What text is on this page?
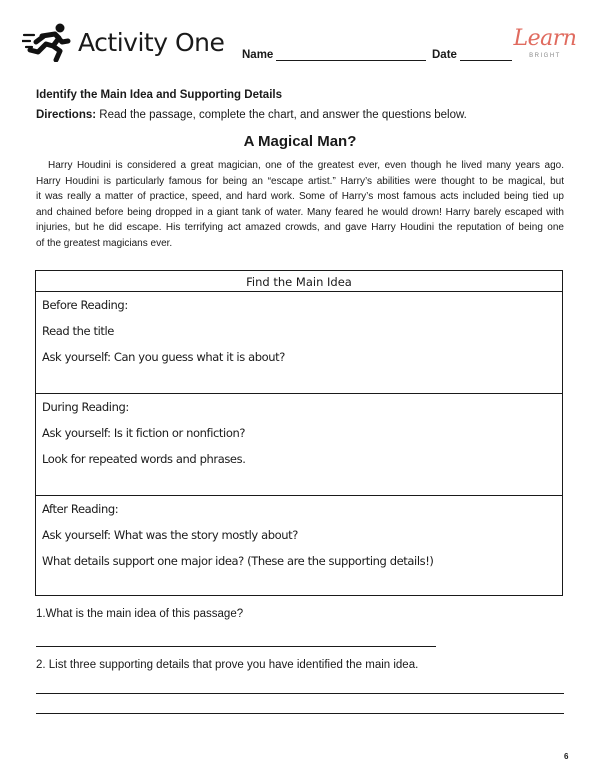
Activity One Name	Date
Learn
BRIGHT
Identify the Main Idea and Supporting Details
Directions: Read the passage, complete the chart, and answer the questions below.
A Magical Man?
Harry Houdini is considered a great magician, one of the greatest ever, even though he lived many years ago.
Harry Houdini is particularly famous for being an “escape artist.” Harry’s abilities were thought to be magical, but
it was really a matter of practice, speed, and hard work. Some of Harry’s most famous acts included being tied up
and chained before being dropped in a giant tank of water. Many feared he would drown! Harry barely escaped with
injuries, but he did escape. His terrifying act amazed crowds, and gave Harry Houdini the reputation of being one
of the greatest magicians ever.
Find the Main Idea
Before Reading:
Read the title
Ask yourself: Can you guess what it is about?
During Reading:
Ask yourself: Is it fiction or nonfiction?
Look for repeated words and phrases.
After Reading:
Ask yourself: What was the story mostly about?
What details support one major idea? (These are the supporting details!)
1.What is the main idea of this passage?
2. List three supporting details that prove you have identified the main idea.
6
